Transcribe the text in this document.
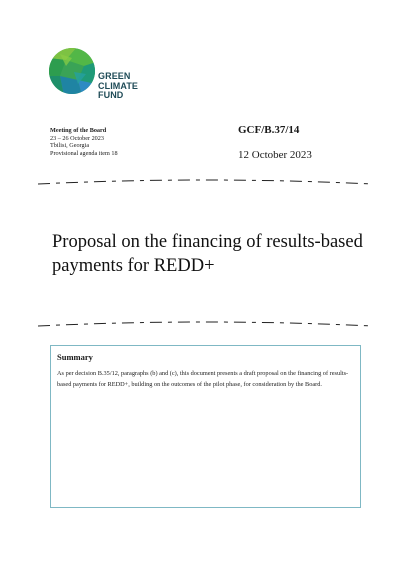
GREEN
CLIMATE
FUND
Meeting of the Board
23 – 26 October 2023
Tbilisi, Georgia
Provisional agenda item 18
GCF/B.37/14
12 October 2023
Proposal on the financing of results-based payments for REDD+
Summary
As per decision B.35/12, paragraphs (b) and (c), this document presents a draft proposal on the financing of results-based payments for REDD+, building on the outcomes of the pilot phase, for consideration by the Board.
